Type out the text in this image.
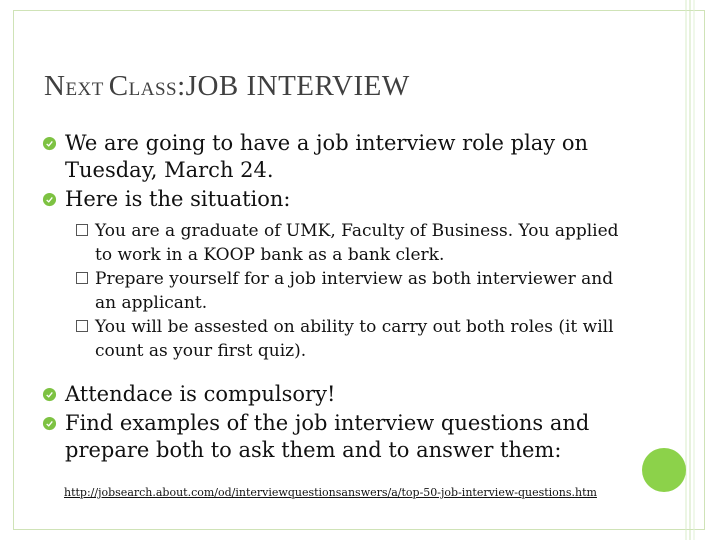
NEXT CLASS:JOB INTERVIEW
We are going to have a job interview role play on Tuesday, March 24.
Here is the situation:
You are a graduate of UMK, Faculty of Business. You applied to work in a KOOP bank as a bank clerk.
Prepare yourself for a job interview as both interviewer and an applicant.
You will be assested on ability to carry out both roles (it will count as your first quiz).
Attendace is compulsory!
Find examples of the job interview questions and prepare both to ask them and to answer them:
http://jobsearch.about.com/od/interviewquestionsanswers/a/top-50-job-interview-questions.htm
